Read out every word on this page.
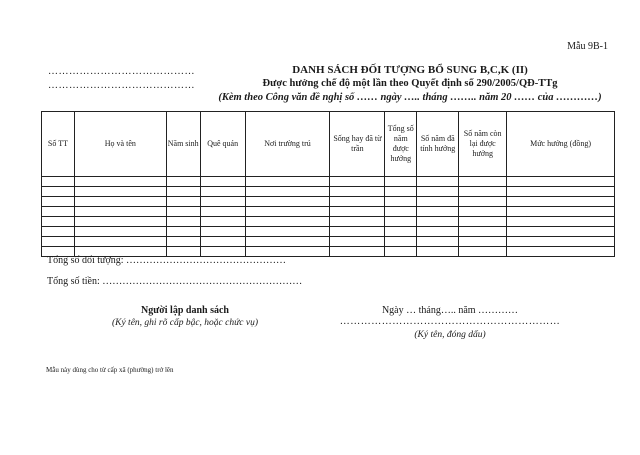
Mẫu 9B-1
……………………………………
……………………………………
DANH SÁCH ĐỐI TƯỢNG BỔ SUNG B,C,K (II)
Được hưởng chế độ một lần theo Quyết định số 290/2005/QĐ-TTg
(Kèm theo Công văn đề nghị số …… ngày ….. tháng …….. năm 20 …… của …………)
Số TT	Họ và tên	Năm sinh	Quê quán	Nơi trường trú	Sống hay đã từ trần	Tổng số năm được hưởng	Số năm đã tính hưởng	Số năm còn lại được hưởng	Mức hưởng (đồng)

Tổng số đối tượng: …………………………………………
Tổng số tiền: ……………………………………………………
Người lập danh sách
(Ký tên, ghi rõ cấp bậc, hoặc chức vụ)
Ngày … tháng….. năm …………
………………………………………………………
(Ký tên, đóng dấu)
Mẫu này dùng cho từ cấp xã (phường) trở lên
